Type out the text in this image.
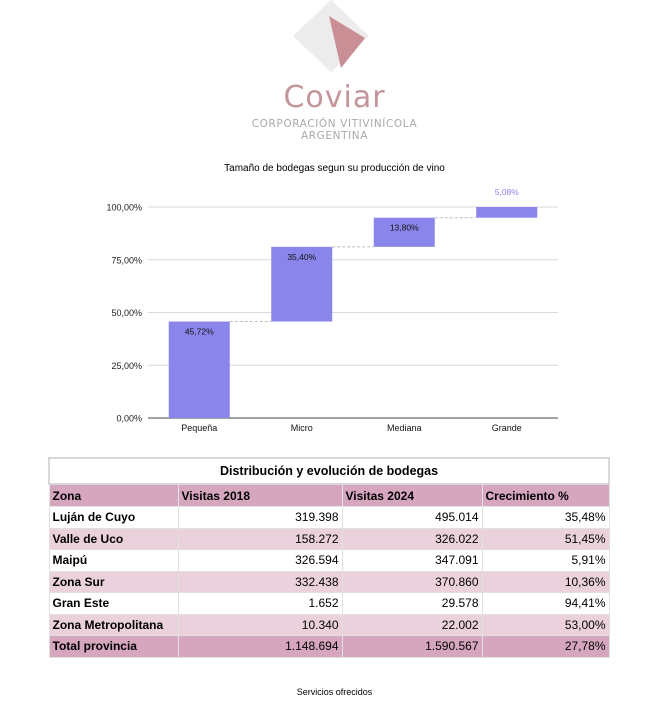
Coviar
CORPORACIÓN VITIVINÍCOLA
ARGENTINA
Tamaño de bodegas segun su producción de vino
0,00%
25,00%
50,00%
75,00%
100,00%
45,72%
Pequeña
35,40%
Micro
13,80%
Mediana
5,08%
Grande
Distribución y evolución de bodegas			
Zona	Visitas 2018	Visitas 2024	Crecimiento %
Luján de Cuyo	319.398	495.014	35,48%
Valle de Uco	158.272	326.022	51,45%
Maipú	326.594	347.091	5,91%
Zona Sur	332.438	370.860	10,36%
Gran Este	1.652	29.578	94,41%
Zona Metropolitana	10.340	22.002	53,00%
Total provincia	1.148.694	1.590.567	27,78%
Servicios ofrecidos
